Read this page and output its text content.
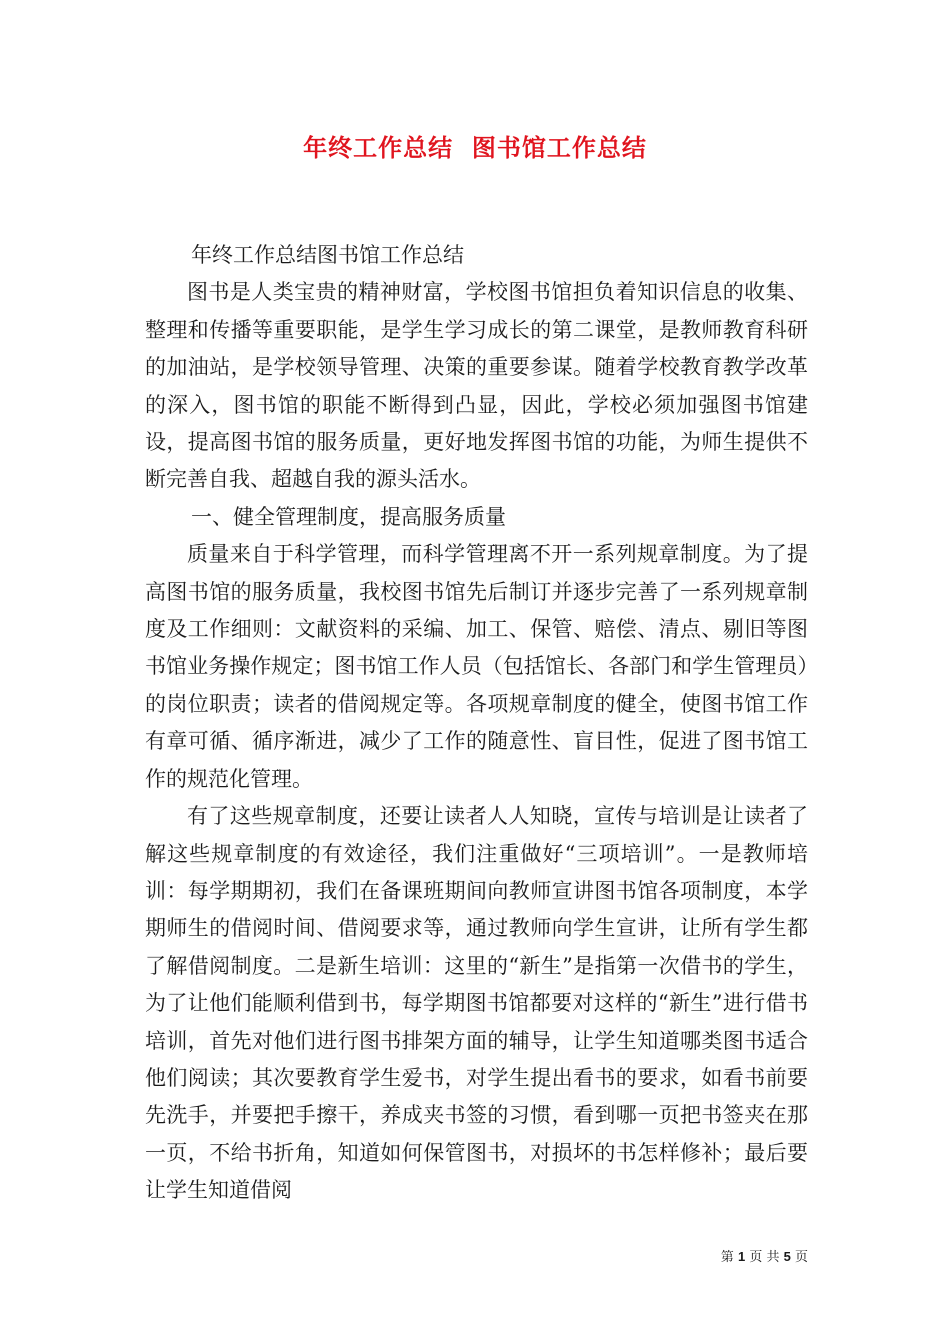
年终工作总结  图书馆工作总结

年终工作总结图书馆工作总结

图书是人类宝贵的精神财富，学校图书馆担负着知识信息的收集、整理和传播等重要职能，是学生学习成长的第二课堂，是教师教育科研的加油站，是学校领导管理、决策的重要参谋。随着学校教育教学改革的深入，图书馆的职能不断得到凸显，因此，学校必须加强图书馆建设，提高图书馆的服务质量，更好地发挥图书馆的功能，为师生提供不断完善自我、超越自我的源头活水。

一、健全管理制度，提高服务质量

质量来自于科学管理，而科学管理离不开一系列规章制度。为了提高图书馆的服务质量，我校图书馆先后制订并逐步完善了一系列规章制度及工作细则：文献资料的采编、加工、保管、赔偿、清点、剔旧等图书馆业务操作规定；图书馆工作人员（包括馆长、各部门和学生管理员）的岗位职责；读者的借阅规定等。各项规章制度的健全，使图书馆工作有章可循、循序渐进，减少了工作的随意性、盲目性，促进了图书馆工作的规范化管理。

有了这些规章制度，还要让读者人人知晓，宣传与培训是让读者了解这些规章制度的有效途径，我们注重做好“三项培训”。一是教师培训：每学期期初，我们在备课班期间向教师宣讲图书馆各项制度，本学期师生的借阅时间、借阅要求等，通过教师向学生宣讲，让所有学生都了解借阅制度。二是新生培训：这里的“新生”是指第一次借书的学生，为了让他们能顺利借到书，每学期图书馆都要对这样的“新生”进行借书培训，首先对他们进行图书排架方面的辅导，让学生知道哪类图书适合他们阅读；其次要教育学生爱书，对学生提出看书的要求，如看书前要先洗手，并要把手擦干，养成夹书签的习惯，看到哪一页把书签夹在那一页，不给书折角，知道如何保管图书，对损坏的书怎样修补；最后要让学生知道借阅

第 1 页 共 5 页
